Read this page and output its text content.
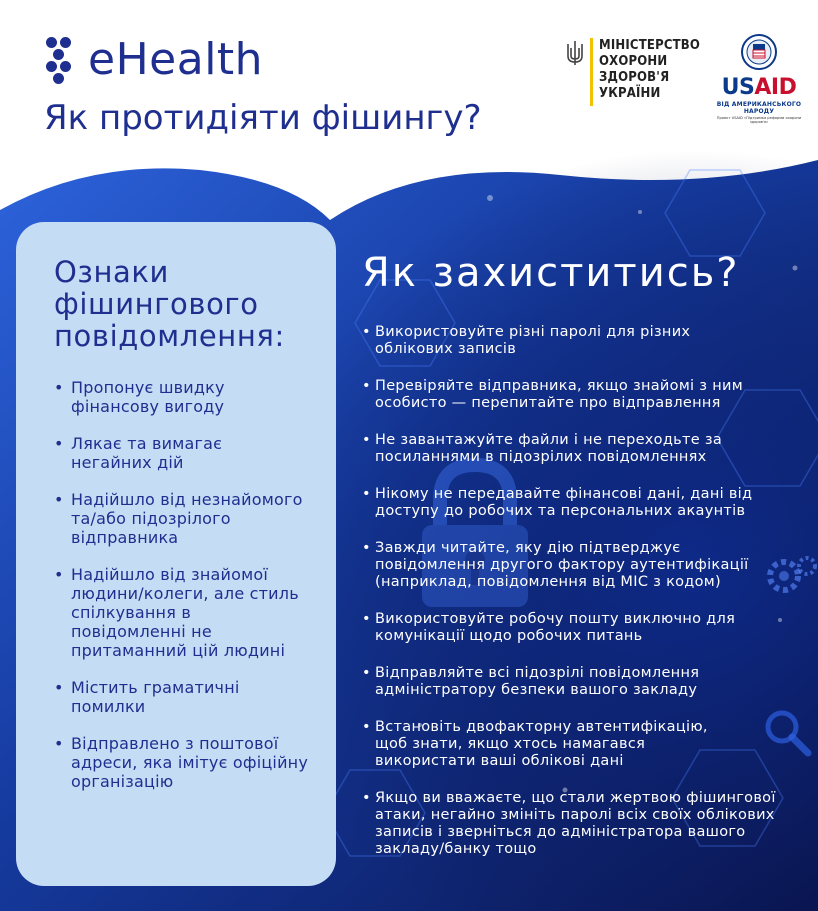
eHealth
Як протидіяти фішингу?
МІНІСТЕРСТВО
ОХОРОНИ
ЗДОРОВ'Я
УКРАЇНИ	USAID
ВІД АМЕРИКАНСЬКОГО НАРОДУ
Проект USAID «Підтримка реформи охорони здоров'я»
Ознаки фішингового повідомлення:
• Пропонує швидку фінансову вигоду
• Лякає та вимагає негайних дій
• Надійшло від незнайомого та/або підозрілого відправника
• Надійшло від знайомої людини/колеги, але стиль спілкування в повідомленні не притаманний цій людині
• Містить граматичні помилки
• Відправлено з поштової адреси, яка імітує офіційну організацію
Як захиститись?
• Використовуйте різні паролі для різних облікових записів
• Перевіряйте відправника, якщо знайомі з ним особисто — перепитайте про відправлення
• Не завантажуйте файли і не переходьте за посиланнями в підозрілих повідомленнях
• Нікому не передавайте фінансові дані, дані від доступу до робочих та персональних акаунтів
• Завжди читайте, яку дію підтверджує повідомлення другого фактору аутентифікації (наприклад, повідомлення від МІС з кодом)
• Використовуйте робочу пошту виключно для комунікації щодо робочих питань
• Відправляйте всі підозрілі повідомлення адміністратору безпеки вашого закладу
• Встановіть двофакторну автентифікацію, щоб знати, якщо хтось намагався використати ваші облікові дані
• Якщо ви вважаєте, що стали жертвою фішингової атаки, негайно змініть паролі всіх своїх облікових записів і зверніться до адміністратора вашого закладу/банку тощо
